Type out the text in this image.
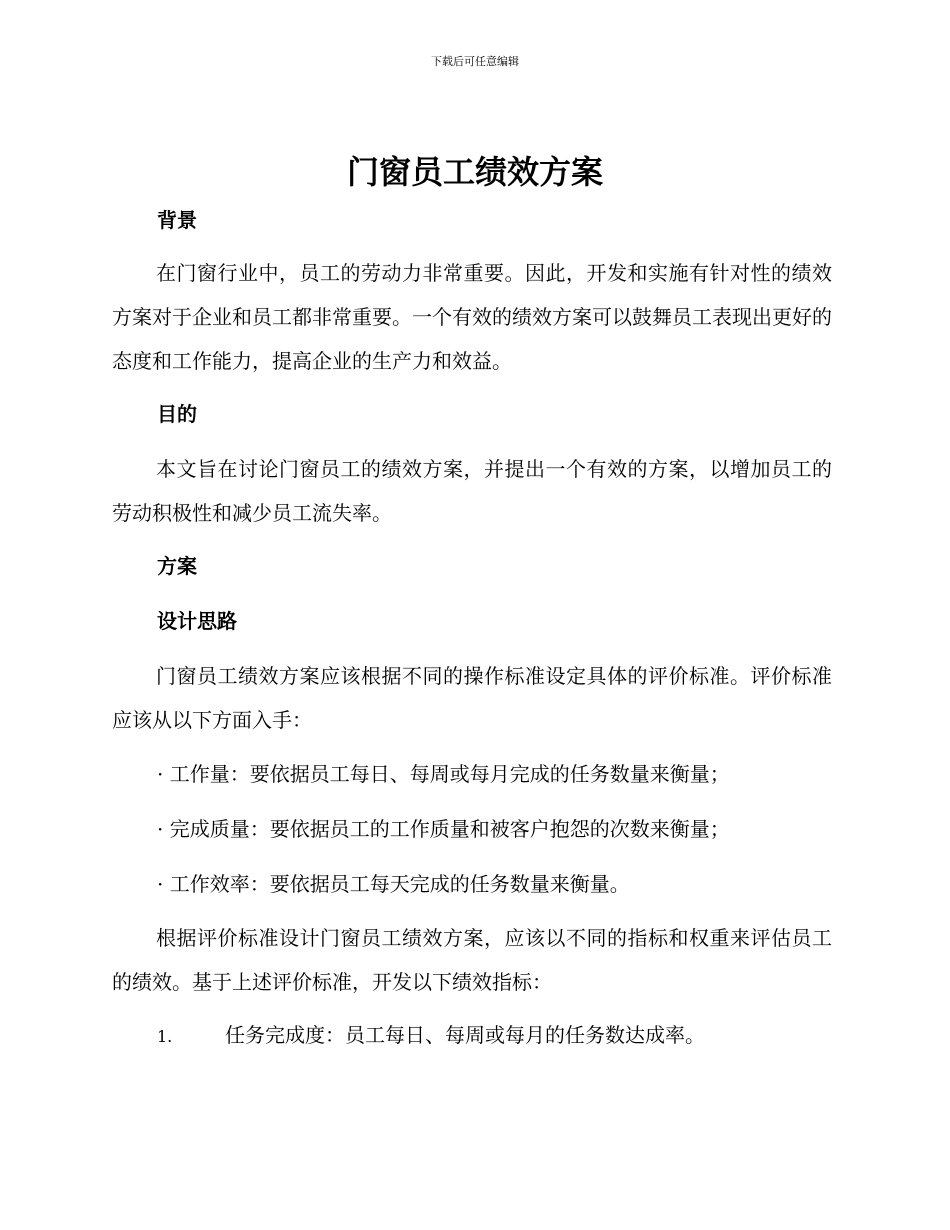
下载后可任意编辑
门窗员工绩效方案
背景

在门窗行业中，员工的劳动力非常重要。因此，开发和实施有针对性的绩效方案对于企业和员工都非常重要。一个有效的绩效方案可以鼓舞员工表现出更好的态度和工作能力，提高企业的生产力和效益。

目的

本文旨在讨论门窗员工的绩效方案，并提出一个有效的方案，以增加员工的劳动积极性和减少员工流失率。

方案
设计思路

门窗员工绩效方案应该根据不同的操作标准设定具体的评价标准。评价标准应该从以下方面入手：

· 工作量：要依据员工每日、每周或每月完成的任务数量来衡量；

· 完成质量：要依据员工的工作质量和被客户抱怨的次数来衡量；

· 工作效率：要依据员工每天完成的任务数量来衡量。

根据评价标准设计门窗员工绩效方案，应该以不同的指标和权重来评估员工的绩效。基于上述评价标准，开发以下绩效指标：

1.	任务完成度：员工每日、每周或每月的任务数达成率。
